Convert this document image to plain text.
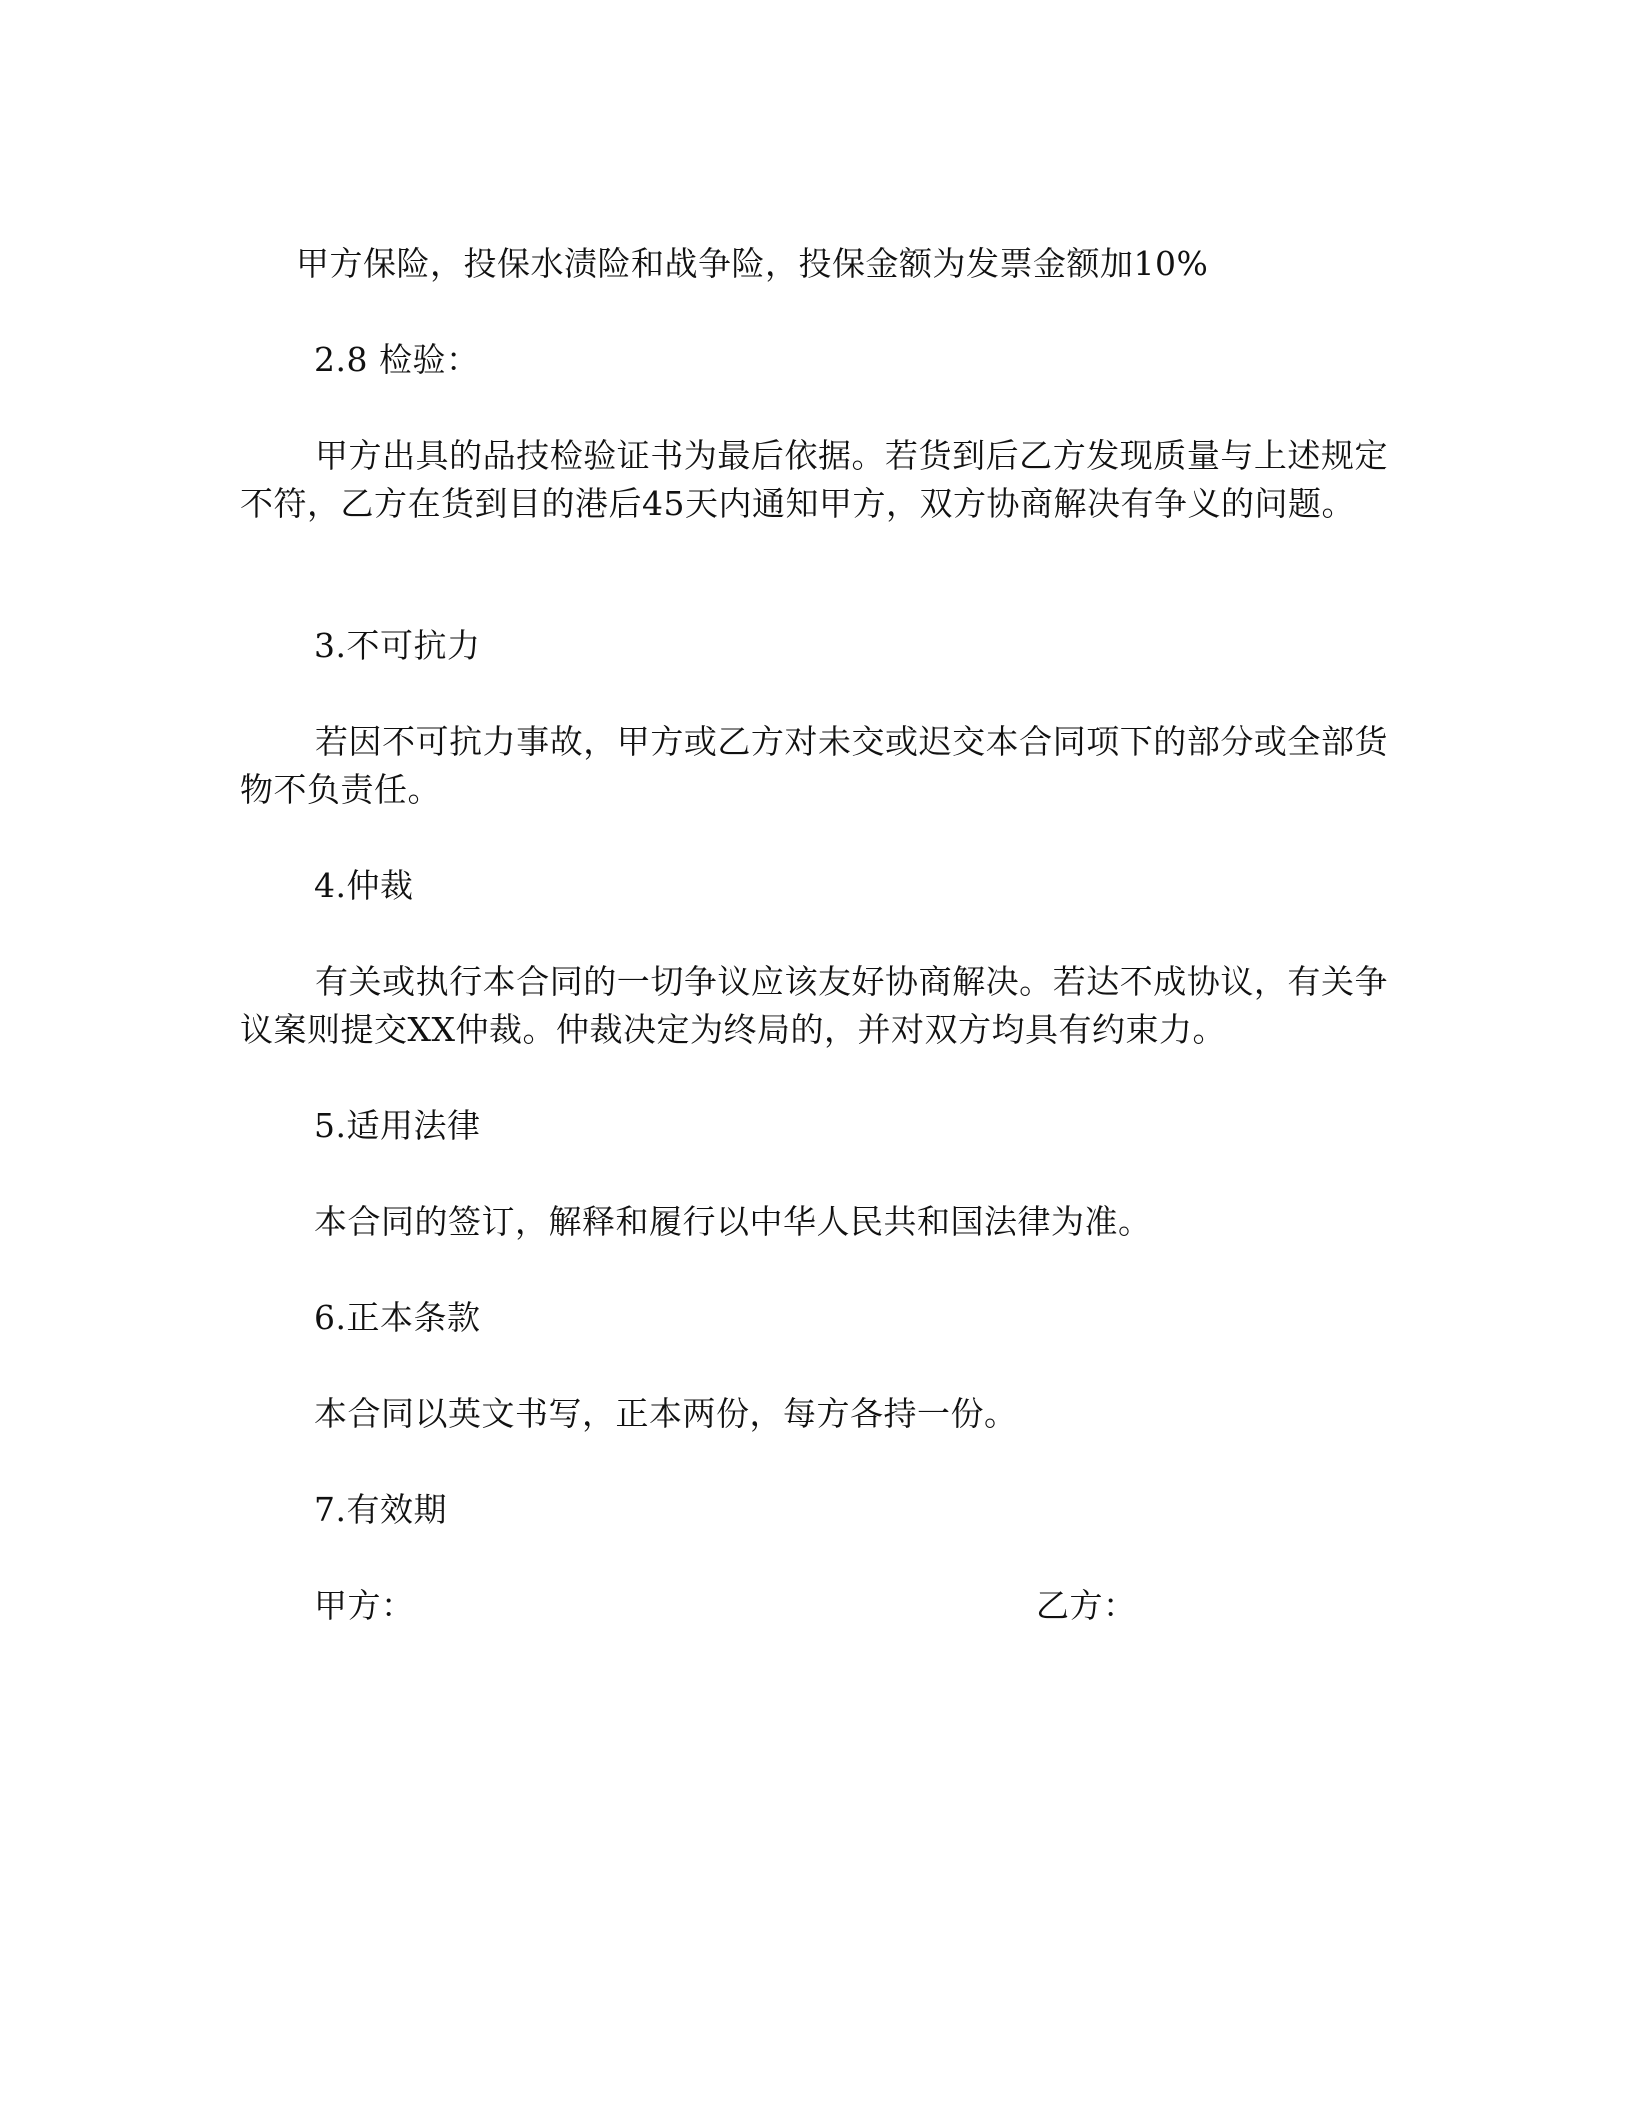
甲方保险，投保水渍险和战争险，投保金额为发票金额加10%
2.8 检验：
甲方出具的品技检验证书为最后依据。若货到后乙方发现质量与上述规定不符，乙方在货到目的港后45天内通知甲方，双方协商解决有争义的问题。
3.不可抗力
若因不可抗力事故，甲方或乙方对未交或迟交本合同项下的部分或全部货物不负责任。
4.仲裁
有关或执行本合同的一切争议应该友好协商解决。若达不成协议，有关争议案则提交XX仲裁。仲裁决定为终局的，并对双方均具有约束力。
5.适用法律
本合同的签订，解释和履行以中华人民共和国法律为准。
6.正本条款
本合同以英文书写，正本两份，每方各持一份。
7.有效期
甲方：	乙方：
